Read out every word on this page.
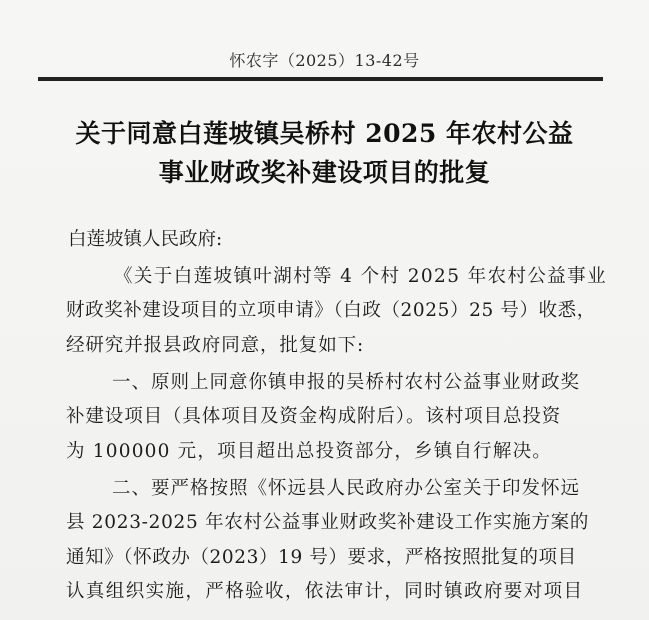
怀农字（2025）13-42号
关于同意白莲坡镇吴桥村 2025 年农村公益
事业财政奖补建设项目的批复
白莲坡镇人民政府:
《关于白莲坡镇叶湖村等 4 个村 2025 年农村公益事业
财政奖补建设项目的立项申请》（白政（2025）25 号）收悉，
经研究并报县政府同意，批复如下:
一、原则上同意你镇申报的吴桥村农村公益事业财政奖
补建设项目（具体项目及资金构成附后）。该村项目总投资
为 100000 元，项目超出总投资部分，乡镇自行解决。
二、要严格按照《怀远县人民政府办公室关于印发怀远
县 2023-2025 年农村公益事业财政奖补建设工作实施方案的
通知》（怀政办（2023）19 号）要求，严格按照批复的项目
认真组织实施，严格验收，依法审计，同时镇政府要对项目
